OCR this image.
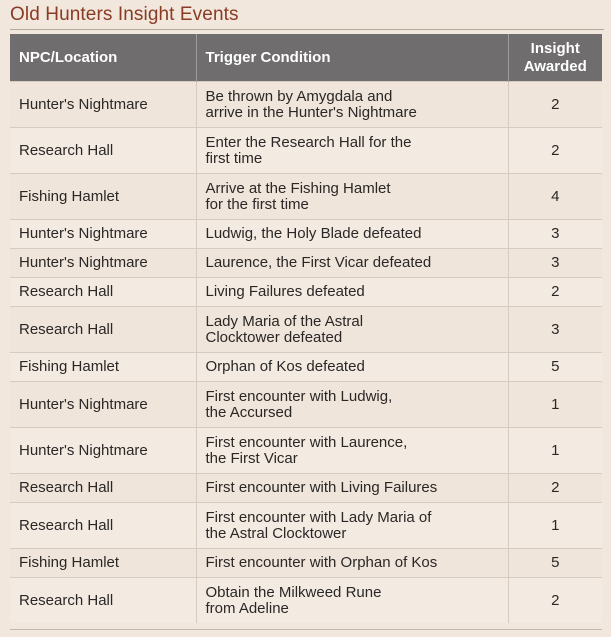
Old Hunters Insight Events
NPC/Location	Trigger Condition	Insight
Awarded
Hunter's Nightmare	Be thrown by Amygdala and
arrive in the Hunter's Nightmare	2
Research Hall	Enter the Research Hall for the
first time	2
Fishing Hamlet	Arrive at the Fishing Hamlet
for the first time	4
Hunter's Nightmare	Ludwig, the Holy Blade defeated	3
Hunter's Nightmare	Laurence, the First Vicar defeated	3
Research Hall	Living Failures defeated	2
Research Hall	Lady Maria of the Astral
Clocktower defeated	3
Fishing Hamlet	Orphan of Kos defeated	5
Hunter's Nightmare	First encounter with Ludwig,
the Accursed	1
Hunter's Nightmare	First encounter with Laurence,
the First Vicar	1
Research Hall	First encounter with Living Failures	2
Research Hall	First encounter with Lady Maria of
the Astral Clocktower	1
Fishing Hamlet	First encounter with Orphan of Kos	5
Research Hall	Obtain the Milkweed Rune
from Adeline	2
